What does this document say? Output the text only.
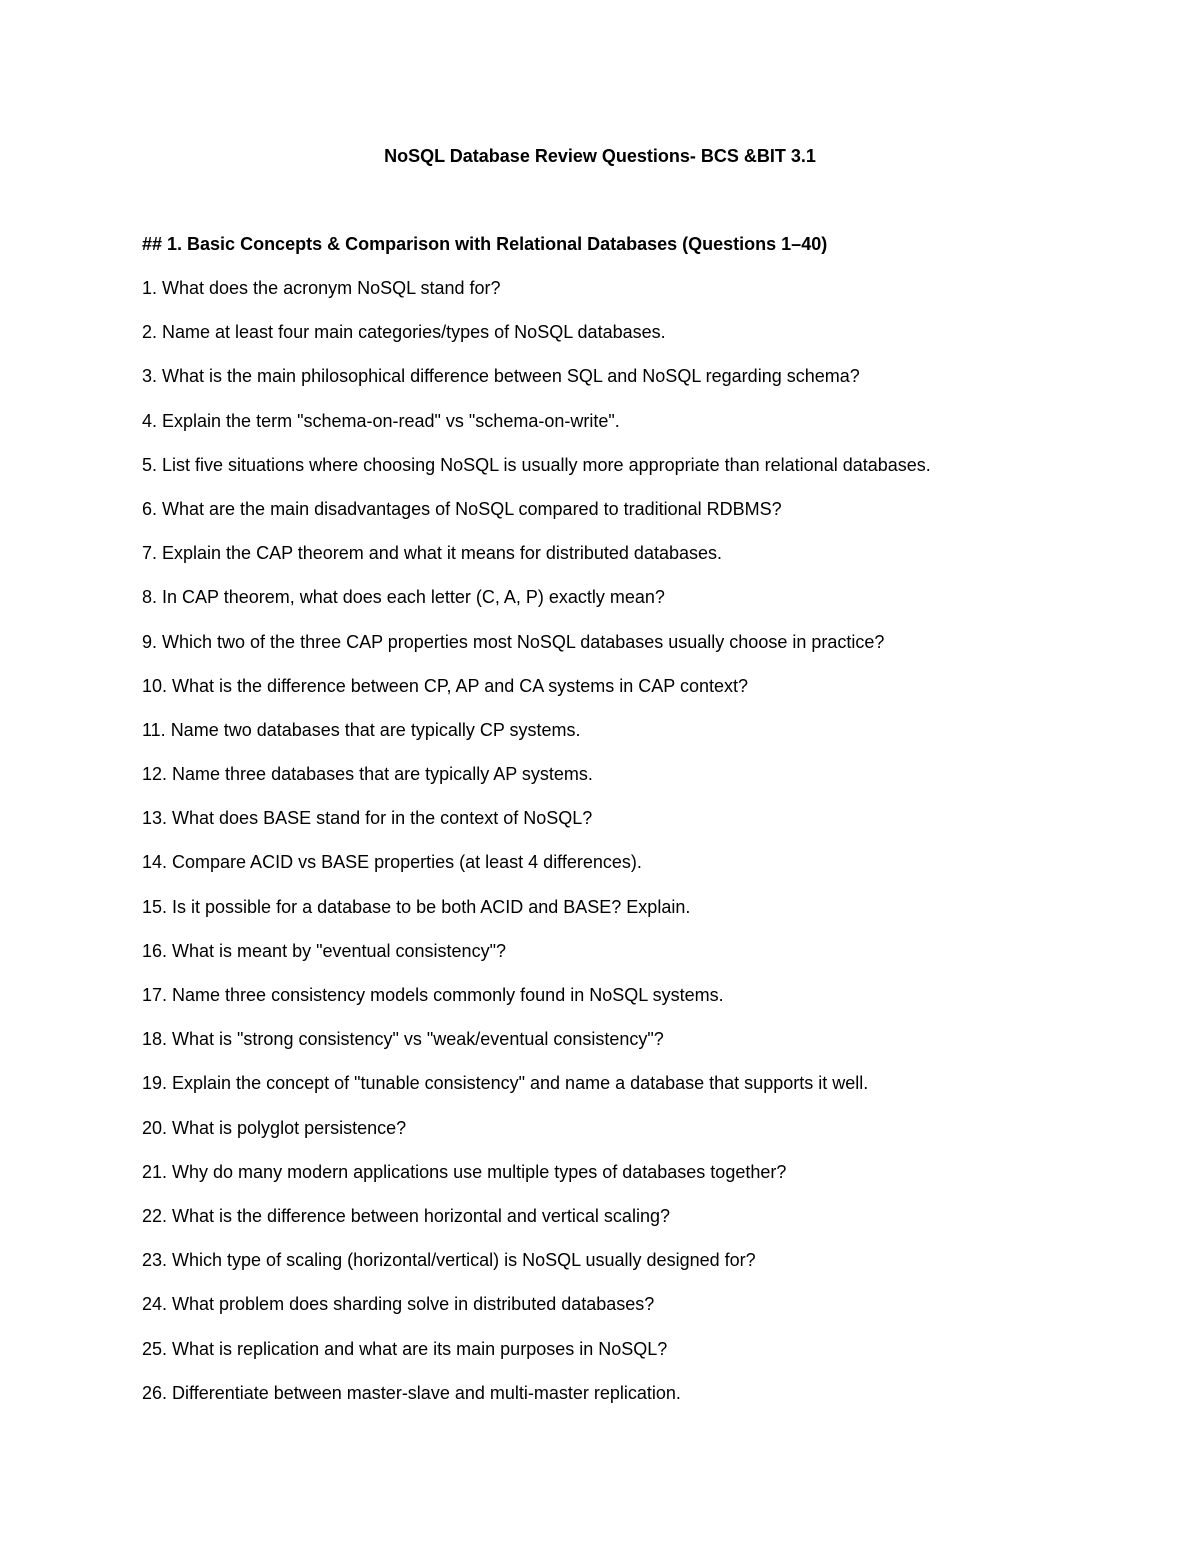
NoSQL Database Review Questions- BCS &BIT 3.1
## 1. Basic Concepts & Comparison with Relational Databases (Questions 1–40)
1. What does the acronym NoSQL stand for?
2. Name at least four main categories/types of NoSQL databases.
3. What is the main philosophical difference between SQL and NoSQL regarding schema?
4. Explain the term "schema-on-read" vs "schema-on-write".
5. List five situations where choosing NoSQL is usually more appropriate than relational databases.
6. What are the main disadvantages of NoSQL compared to traditional RDBMS?
7. Explain the CAP theorem and what it means for distributed databases.
8. In CAP theorem, what does each letter (C, A, P) exactly mean?
9. Which two of the three CAP properties most NoSQL databases usually choose in practice?
10. What is the difference between CP, AP and CA systems in CAP context?
11. Name two databases that are typically CP systems.
12. Name three databases that are typically AP systems.
13. What does BASE stand for in the context of NoSQL?
14. Compare ACID vs BASE properties (at least 4 differences).
15. Is it possible for a database to be both ACID and BASE? Explain.
16. What is meant by "eventual consistency"?
17. Name three consistency models commonly found in NoSQL systems.
18. What is "strong consistency" vs "weak/eventual consistency"?
19. Explain the concept of "tunable consistency" and name a database that supports it well.
20. What is polyglot persistence?
21. Why do many modern applications use multiple types of databases together?
22. What is the difference between horizontal and vertical scaling?
23. Which type of scaling (horizontal/vertical) is NoSQL usually designed for?
24. What problem does sharding solve in distributed databases?
25. What is replication and what are its main purposes in NoSQL?
26. Differentiate between master-slave and multi-master replication.
